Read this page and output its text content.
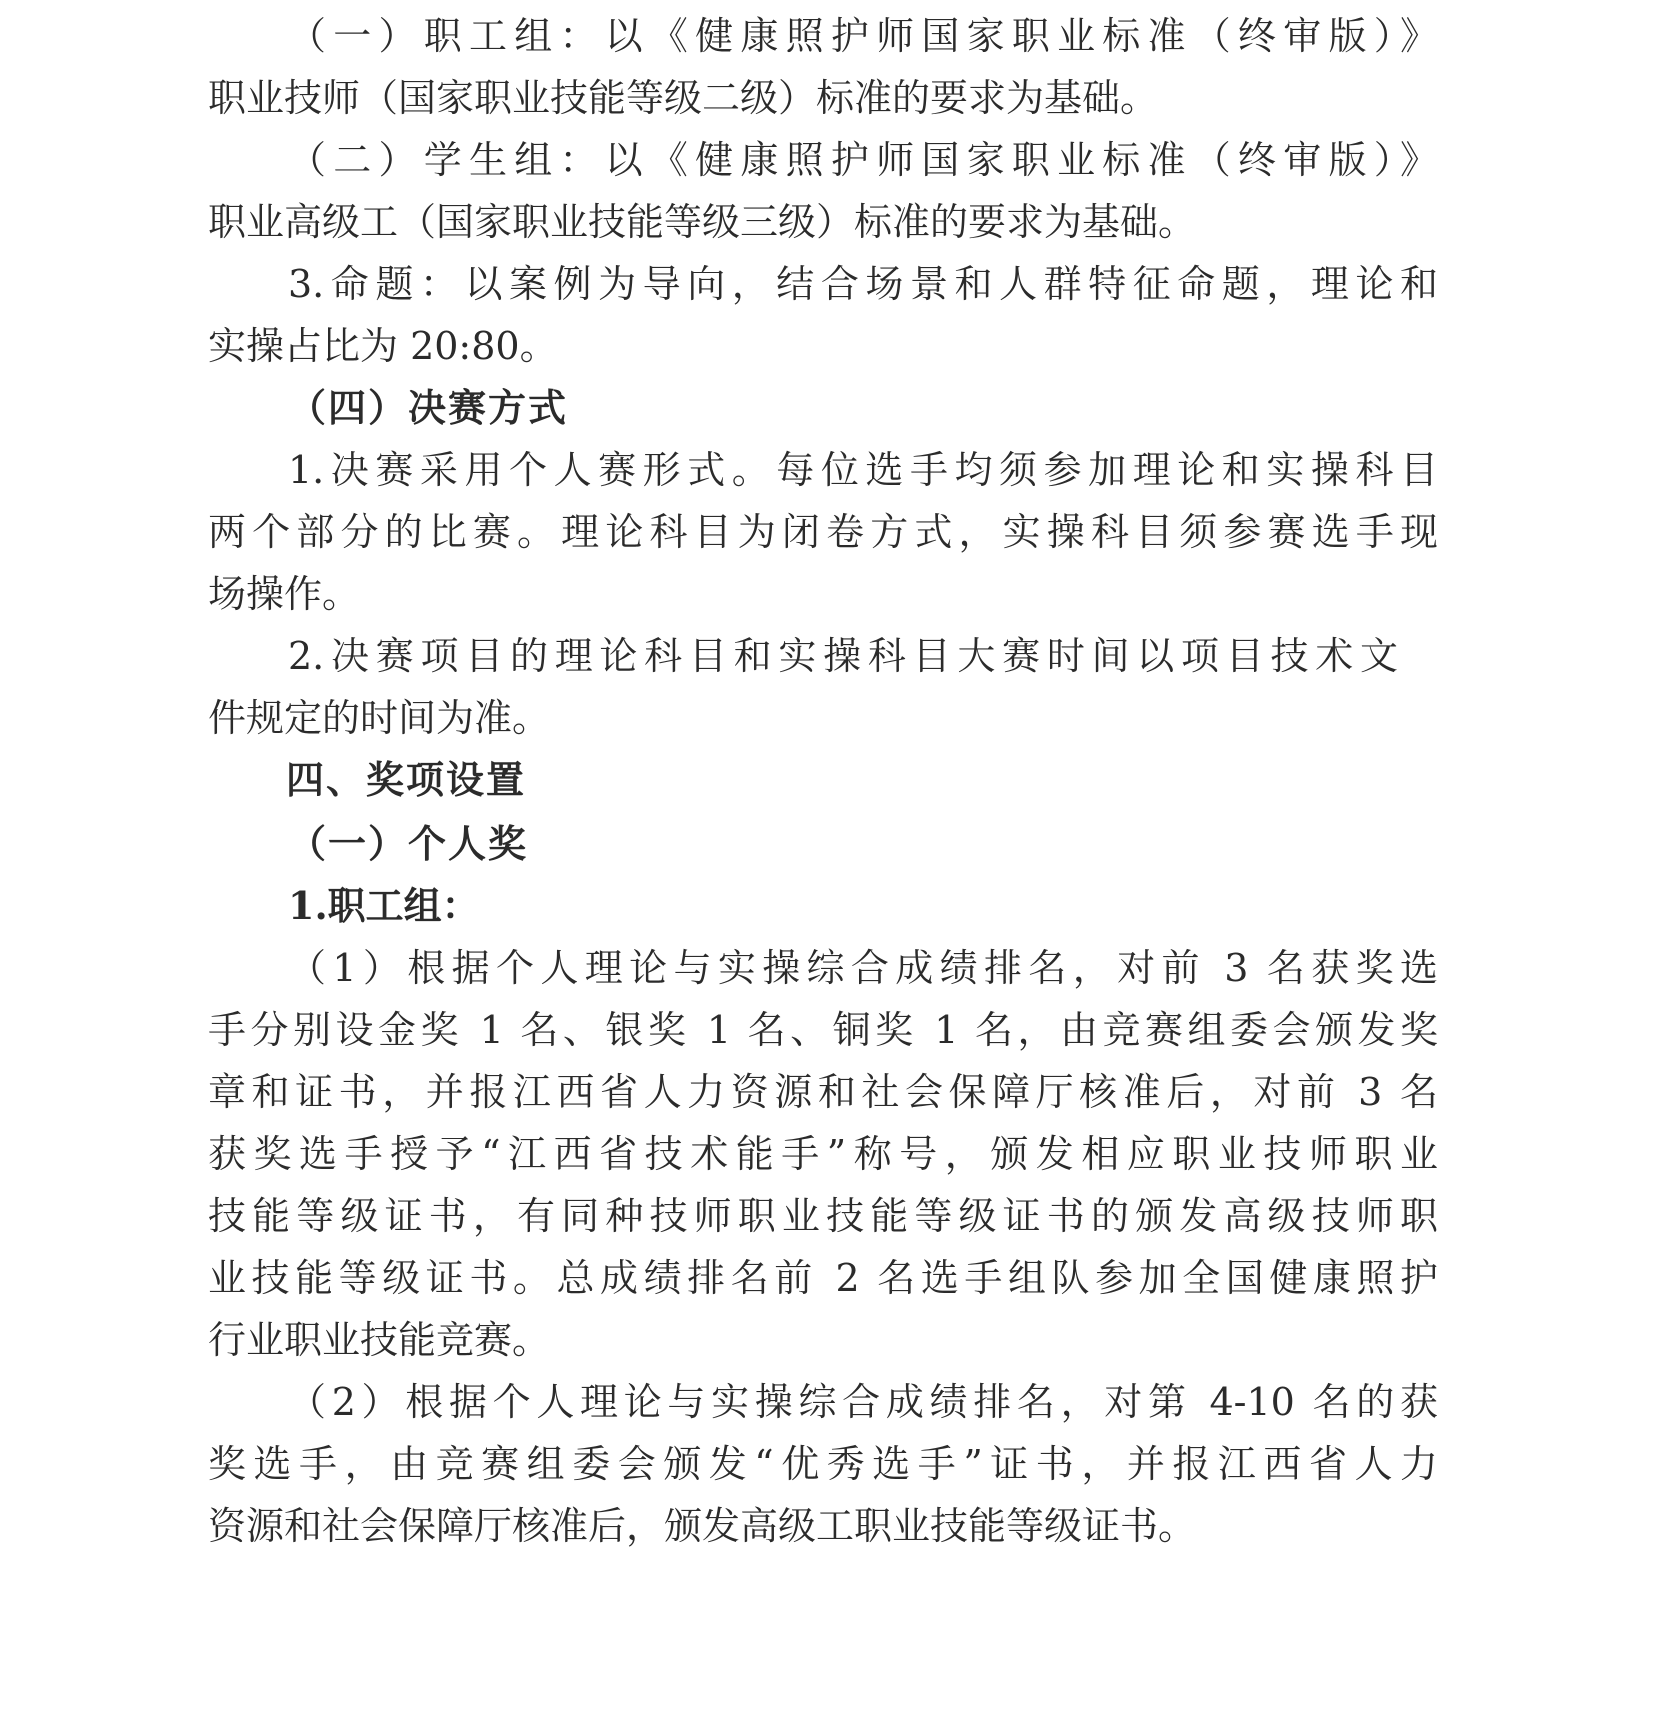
（一）职工组：以《健康照护师国家职业标准（终审版）》

职业技师（国家职业技能等级二级）标准的要求为基础。

（二）学生组：以《健康照护师国家职业标准（终审版）》

职业高级工（国家职业技能等级三级）标准的要求为基础。

3.命题：以案例为导向，结合场景和人群特征命题，理论和

实操占比为 20:80。

（四）决赛方式

1.决赛采用个人赛形式。每位选手均须参加理论和实操科目

两个部分的比赛。理论科目为闭卷方式，实操科目须参赛选手现

场操作。

2.决赛项目的理论科目和实操科目大赛时间以项目技术文

件规定的时间为准。

四、奖项设置

（一）个人奖

1.职工组：

（1）根据个人理论与实操综合成绩排名，对前 3 名获奖选

手分别设金奖 1 名、银奖 1 名、铜奖 1 名，由竞赛组委会颁发奖

章和证书，并报江西省人力资源和社会保障厅核准后，对前 3 名

获奖选手授予“江西省技术能手”称号，颁发相应职业技师职业

技能等级证书，有同种技师职业技能等级证书的颁发高级技师职

业技能等级证书。总成绩排名前 2 名选手组队参加全国健康照护

行业职业技能竞赛。

（2）根据个人理论与实操综合成绩排名，对第 4-10 名的获

奖选手，由竞赛组委会颁发“优秀选手”证书，并报江西省人力

资源和社会保障厅核准后，颁发高级工职业技能等级证书。
